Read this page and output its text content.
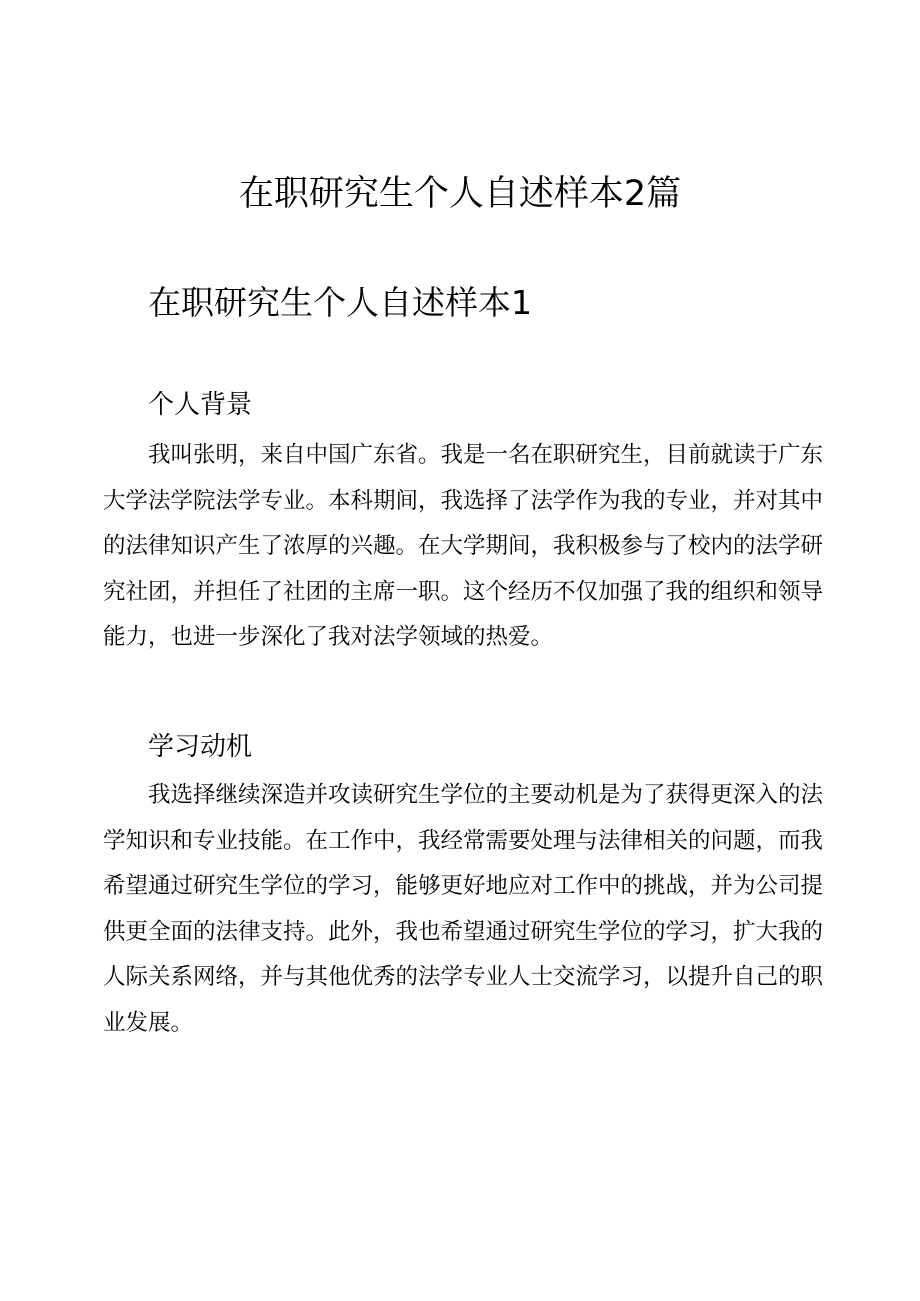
在职研究生个人自述样本2篇
在职研究生个人自述样本1
个人背景

我叫张明，来自中国广东省。我是一名在职研究生，目前就读于广东大学法学院法学专业。本科期间，我选择了法学作为我的专业，并对其中的法律知识产生了浓厚的兴趣。在大学期间，我积极参与了校内的法学研究社团，并担任了社团的主席一职。这个经历不仅加强了我的组织和领导能力，也进一步深化了我对法学领域的热爱。

学习动机

我选择继续深造并攻读研究生学位的主要动机是为了获得更深入的法学知识和专业技能。在工作中，我经常需要处理与法律相关的问题，而我希望通过研究生学位的学习，能够更好地应对工作中的挑战，并为公司提供更全面的法律支持。此外，我也希望通过研究生学位的学习，扩大我的人际关系网络，并与其他优秀的法学专业人士交流学习，以提升自己的职业发展。
